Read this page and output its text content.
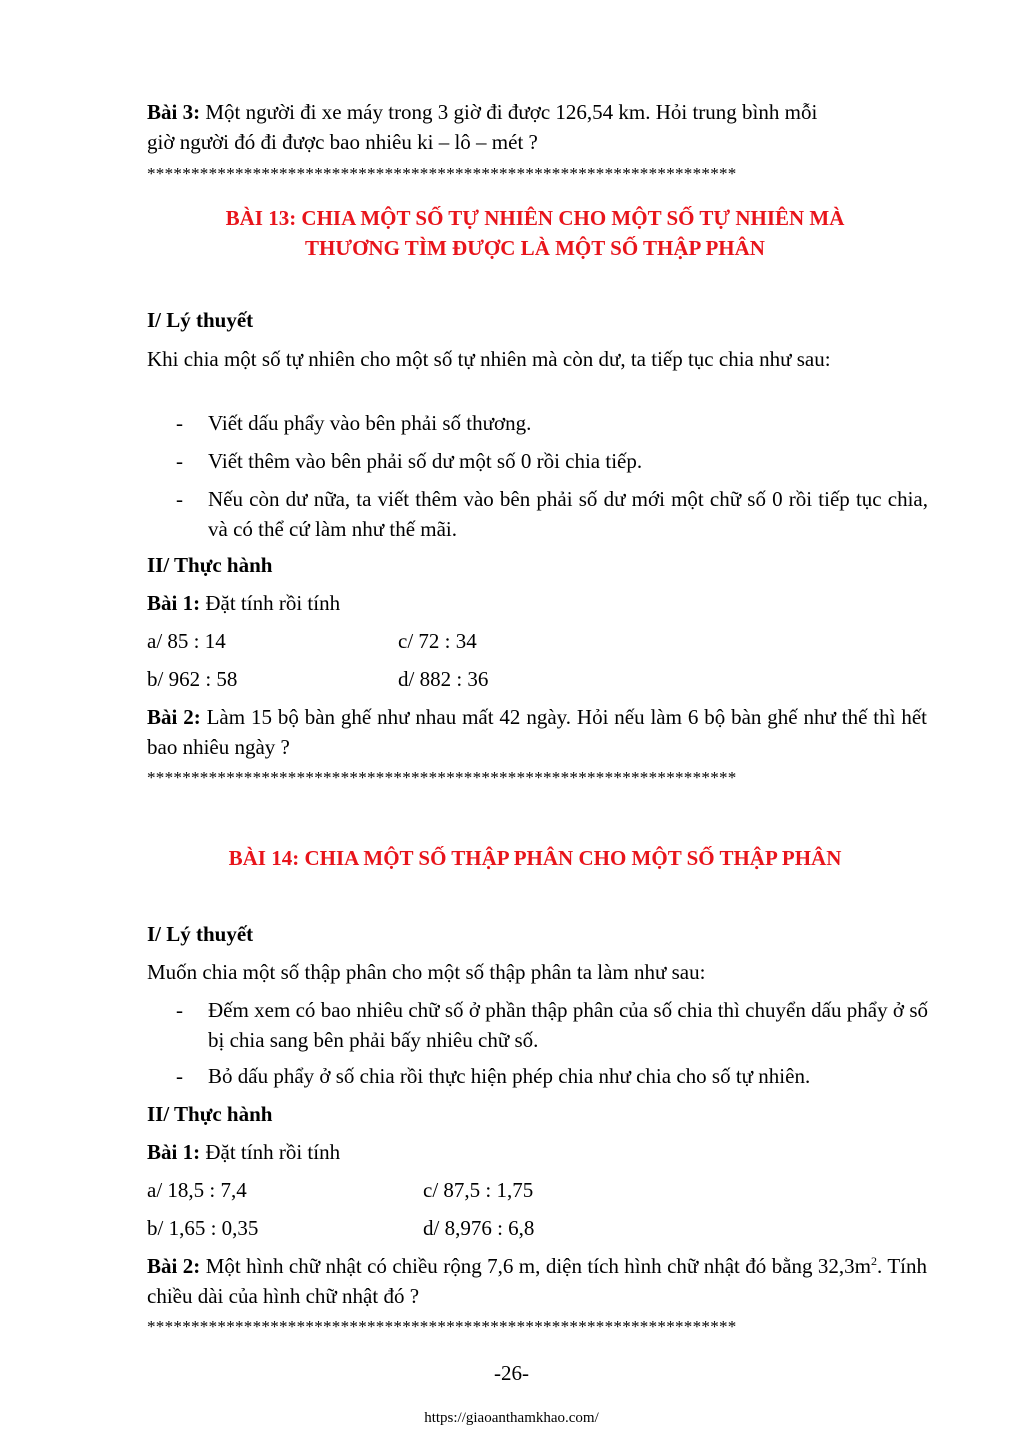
Bài 3: Một người đi xe máy trong 3 giờ đi được 126,54 km. Hỏi trung bình mỗi
giờ người đó đi được bao nhiêu ki – lô – mét ?
*******************************************************************
BÀI 13: CHIA MỘT SỐ TỰ NHIÊN CHO MỘT SỐ TỰ NHIÊN MÀ
THƯƠNG TÌM ĐƯỢC LÀ MỘT SỐ THẬP PHÂN
I/ Lý thuyết
Khi chia một số tự nhiên cho một số tự nhiên mà còn dư, ta tiếp tục chia như sau:
- Viết dấu phẩy vào bên phải số thương.
- Viết thêm vào bên phải số dư một số 0 rồi chia tiếp.
- Nếu còn dư nữa, ta viết thêm vào bên phải số dư mới một chữ số 0 rồi tiếp tục chia, và có thể cứ làm như thế mãi.
II/ Thực hành
Bài 1: Đặt tính rồi tính
a/ 85 : 14	c/ 72 : 34
b/ 962 : 58	d/ 882 : 36
Bài 2: Làm 15 bộ bàn ghế như nhau mất 42 ngày. Hỏi nếu làm 6 bộ bàn ghế như thế thì hết bao nhiêu ngày ?
*******************************************************************
BÀI 14: CHIA MỘT SỐ THẬP PHÂN CHO MỘT SỐ THẬP PHÂN
I/ Lý thuyết
Muốn chia một số thập phân cho một số thập phân ta làm như sau:
- Đếm xem có bao nhiêu chữ số ở phần thập phân của số chia thì chuyển dấu phẩy ở số bị chia sang bên phải bấy nhiêu chữ số.
- Bỏ dấu phẩy ở số chia rồi thực hiện phép chia như chia cho số tự nhiên.
II/ Thực hành
Bài 1: Đặt tính rồi tính
a/ 18,5 : 7,4	c/ 87,5 : 1,75
b/ 1,65 : 0,35	d/ 8,976 : 6,8
Bài 2: Một hình chữ nhật có chiều rộng 7,6 m, diện tích hình chữ nhật đó bằng $32,3m^2$. Tính chiều dài của hình chữ nhật đó ?
*******************************************************************
-26-
https://giaoanthamkhao.com/
